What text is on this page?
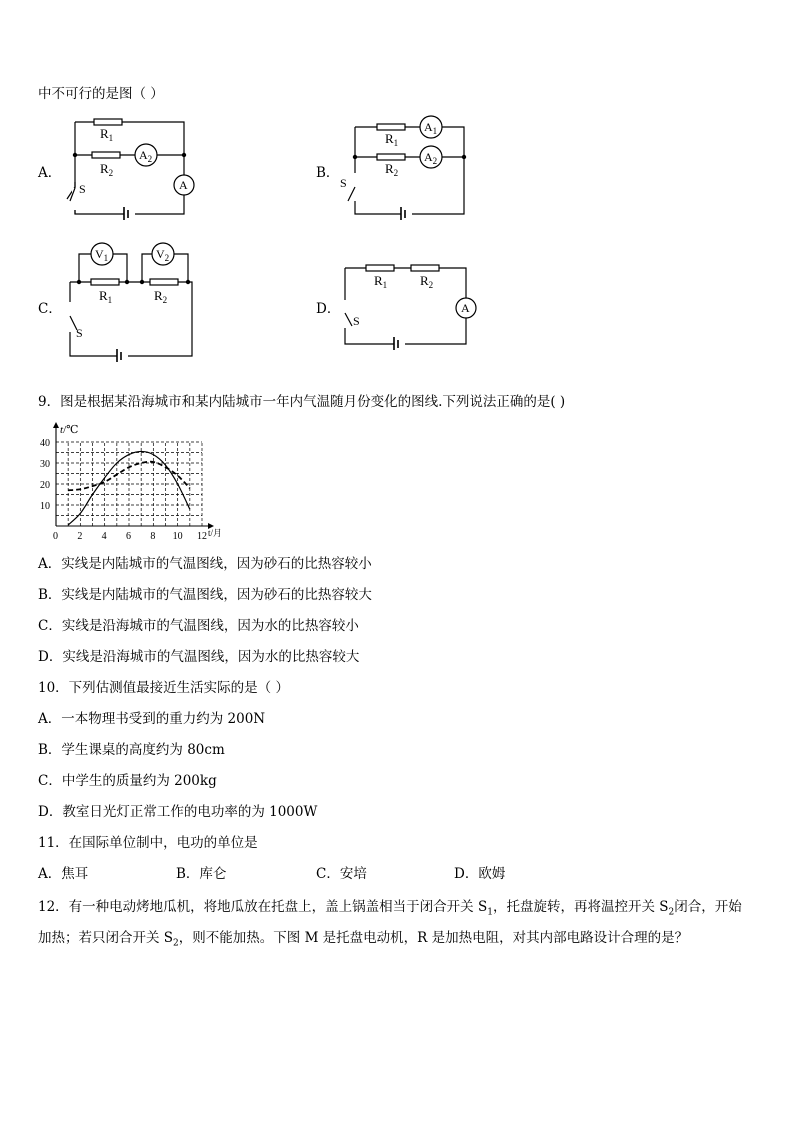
中不可行的是图（ ）
A．
$R_1$
$R_2$
$A_2$
A
S
B．
$R_1$
$R_2$
$A_1$
$A_2$
S
C．
$V_1$	$V_2$
$R_1$	$R_2$
S
D．
$R_1$	$R_2$
A
S
9．图是根据某沿海城市和某内陆城市一年内气温随月份变化的图线.下列说法正确的是( )
0 2 4 6 8 10 12
10
20
30
40
t/℃
t/月
A．实线是内陆城市的气温图线，因为砂石的比热容较小
B．实线是内陆城市的气温图线，因为砂石的比热容较大
C．实线是沿海城市的气温图线，因为水的比热容较小
D．实线是沿海城市的气温图线，因为水的比热容较大
10．下列估测值最接近生活实际的是（ ）
A．一本物理书受到的重力约为 200N
B．学生课桌的高度约为 80cm
C．中学生的质量约为 200kg
D．教室日光灯正常工作的电功率的为 1000W
11．在国际单位制中，电功的单位是
A．焦耳	B．库仑	C．安培	D．欧姆
12．有一种电动烤地瓜机，将地瓜放在托盘上，盖上锅盖相当于闭合开关 $S_1$，托盘旋转，再将温控开关 $S_2$闭合，开始
加热；若只闭合开关 $S_2$，则不能加热。下图 M 是托盘电动机，R 是加热电阻，对其内部电路设计合理的是？
